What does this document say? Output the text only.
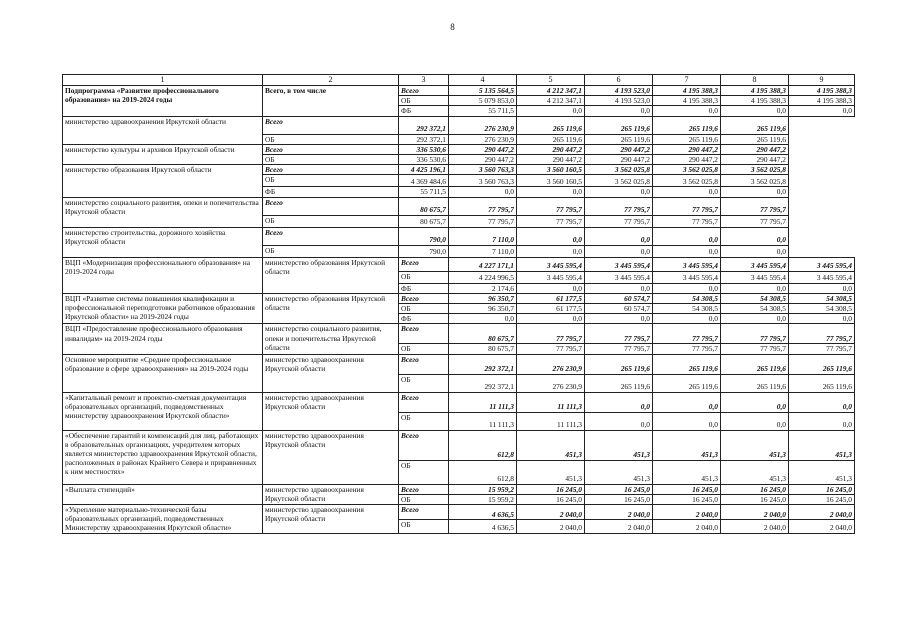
8
1	2	3	4	5	6	7	8	9
Подпрограмма «Развитие профессионального образования» на 2019-2024 годы	Всего, в том числе	Всего	5 135 564,5	4 212 347,1	4 193 523,0	4 195 388,3	4 195 388,3	4 195 388,3
		ОБ	5 079 853,0	4 212 347,1	4 193 523,0	4 195 388,3	4 195 388,3	4 195 388,3
		ФБ	55 711,5	0,0	0,0	0,0	0,0	0,0
министерство здравоохранения Иркутской области	Всего	292 372,1	276 230,9	265 119,6	265 119,6	265 119,6	265 119,6	
	ОБ	292 372,1	276 230,9	265 119,6	265 119,6	265 119,6	265 119,6	
министерство культуры и архивов Иркутской области	Всего	336 530,6	290 447,2	290 447,2	290 447,2	290 447,2	290 447,2	
	ОБ	336 530,6	290 447,2	290 447,2	290 447,2	290 447,2	290 447,2	
министерство образования Иркутской области	Всего	4 425 196,1	3 560 763,3	3 560 160,5	3 562 025,8	3 562 025,8	3 562 025,8	
	ОБ	4 369 484,6	3 560 763,3	3 560 160,5	3 562 025,8	3 562 025,8	3 562 025,8	
	ФБ	55 711,5	0,0	0,0	0,0	0,0	0,0	
министерство социального развития, опеки и попечительства Иркутской области	Всего	80 675,7	77 795,7	77 795,7	77 795,7	77 795,7	77 795,7	
	ОБ	80 675,7	77 795,7	77 795,7	77 795,7	77 795,7	77 795,7	
министерство строительства, дорожного хозяйства Иркутской области	Всего	790,0	7 110,0	0,0	0,0	0,0	0,0	
	ОБ	790,0	7 110,0	0,0	0,0	0,0	0,0	
ВЦП «Модернизация профессионального образования» на 2019-2024 годы	министерство образования Иркутской области	Всего	4 227 171,1	3 445 595,4	3 445 595,4	3 445 595,4	3 445 595,4	3 445 595,4
		ОБ	4 224 996,5	3 445 595,4	3 445 595,4	3 445 595,4	3 445 595,4	3 445 595,4
		ФБ	2 174,6	0,0	0,0	0,0	0,0	0,0
ВЦП «Развитие системы повышения квалификации и профессиональной переподготовки работников образования Иркутской области» на 2019-2024 годы	министерство образования Иркутской области	Всего	96 350,7	61 177,5	60 574,7	54 308,5	54 308,5	54 308,5
		ОБ	96 350,7	61 177,5	60 574,7	54 308,5	54 308,5	54 308,5
		ФБ	0,0	0,0	0,0	0,0	0,0	0,0
ВЦП «Предоставление профессионального образования инвалидам» на 2019-2024 годы	министерство социального развития, опеки и попечительства Иркутской области	Всего	80 675,7	77 795,7	77 795,7	77 795,7	77 795,7	77 795,7
		ОБ	80 675,7	77 795,7	77 795,7	77 795,7	77 795,7	77 795,7
Основное мероприятие «Среднее профессиональное образование в сфере здравоохранения» на 2019-2024 годы	министерство здравоохранения Иркутской области	Всего	292 372,1	276 230,9	265 119,6	265 119,6	265 119,6	265 119,6
		ОБ	292 372,1	276 230,9	265 119,6	265 119,6	265 119,6	265 119,6
«Капитальный ремонт и проектно-сметная документация образовательных организаций, подведомственных министерству здравоохранения Иркутской области»	министерство здравоохранения Иркутской области	Всего	11 111,3	11 111,3	0,0	0,0	0,0	0,0
		ОБ	11 111,3	11 111,3	0,0	0,0	0,0	0,0
«Обеспечение гарантий и компенсаций для лиц, работающих в образовательных организациях, учредителем которых является министерство здравоохранения Иркутской области, расположенных в районах Крайнего Севера и приравненных к ним местностях»	министерство здравоохранения Иркутской области	Всего	612,8	451,3	451,3	451,3	451,3	451,3
		ОБ	612,8	451,3	451,3	451,3	451,3	451,3
«Выплата стипендий»	министерство здравоохранения Иркутской области	Всего	15 959,2	16 245,0	16 245,0	16 245,0	16 245,0	16 245,0
		ОБ	15 959,2	16 245,0	16 245,0	16 245,0	16 245,0	16 245,0
«Укрепление материально-технической базы образовательных организаций, подведомственных Министерству здравоохранения Иркутской области»	министерство здравоохранения Иркутской области	Всего	4 636,5	2 040,0	2 040,0	2 040,0	2 040,0	2 040,0
		ОБ	4 636,5	2 040,0	2 040,0	2 040,0	2 040,0	2 040,0
